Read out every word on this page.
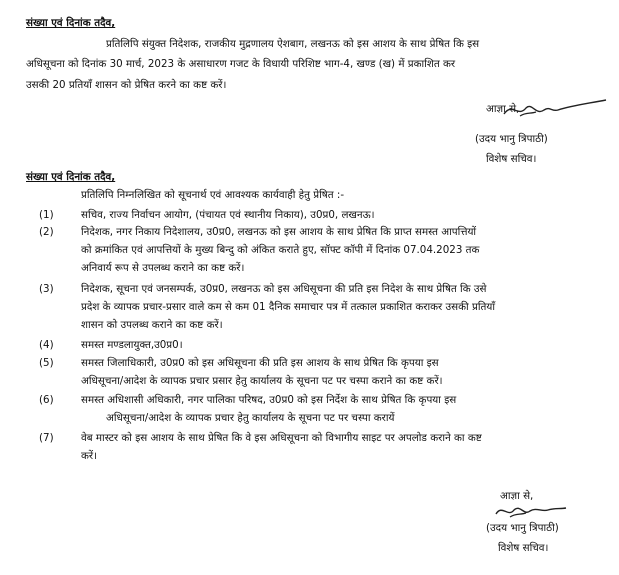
संख्या एवं दिनांक तदैव,
प्रतिलिपि संयुक्त निदेशक, राजकीय मुद्रणालय ऐशबाग, लखनऊ को इस आशय के साथ प्रेषित कि इस
अधिसूचना को दिनांक 30 मार्च, 2023 के असाधारण गजट के विधायी परिशिष्ट भाग-4, खण्ड (ख) में प्रकाशित कर
उसकी 20 प्रतियाँ शासन को प्रेषित करने का कष्ट करें।
आज्ञा से,
(उदय भानु त्रिपाठी)
विशेष सचिव।
संख्या एवं दिनांक तदैव,
प्रतिलिपि निम्नलिखित को सूचनार्थ एवं आवश्यक कार्यवाही हेतु प्रेषित :-
(1)	सचिव, राज्य निर्वाचन आयोग, (पंचायत एवं स्थानीय निकाय), उ0प्र0, लखनऊ।
(2)	निदेशक, नगर निकाय निदेशालय, उ0प्र0, लखनऊ को इस आशय के साथ प्रेषित कि प्राप्त समस्त आपत्तियों
को क्रमांकित एवं आपत्तियों के मुख्य बिन्दु को अंकित कराते हुए, सॉफ्ट कॉपी में दिनांक 07.04.2023 तक
अनिवार्य रूप से उपलब्ध कराने का कष्ट करें।
(3)	निदेशक, सूचना एवं जनसम्पर्क, उ0प्र0, लखनऊ को इस अधिसूचना की प्रति इस निदेश के साथ प्रेषित कि उसे
प्रदेश के व्यापक प्रचार-प्रसार वाले कम से कम 01 दैनिक समाचार पत्र में तत्काल प्रकाशित कराकर उसकी प्रतियाँ
शासन को उपलब्ध कराने का कष्ट करें।
(4)	समस्त मण्डलायुक्त,उ0प्र0।
(5)	समस्त जिलाधिकारी, उ0प्र0 को इस अधिसूचना की प्रति इस आशय के साथ प्रेषित कि कृपया इस
अधिसूचना/आदेश के व्यापक प्रचार प्रसार हेतु कार्यालय के सूचना पट पर चस्पा कराने का कष्ट करें।
(6)	समस्त अधिशासी अधिकारी, नगर पालिका परिषद, उ0प्र0 को इस निर्देश के साथ प्रेषित कि कृपया इस
अधिसूचना/आदेश के व्यापक प्रचार हेतु कार्यालय के सूचना पट पर चस्पा करायें
(7)	वेब मास्टर को इस आशय के साथ प्रेषित कि वे इस अधिसूचना को विभागीय साइट पर अपलोड कराने का कष्ट
करें।
आज्ञा से,
(उदय भानु त्रिपाठी)
विशेष सचिव।
